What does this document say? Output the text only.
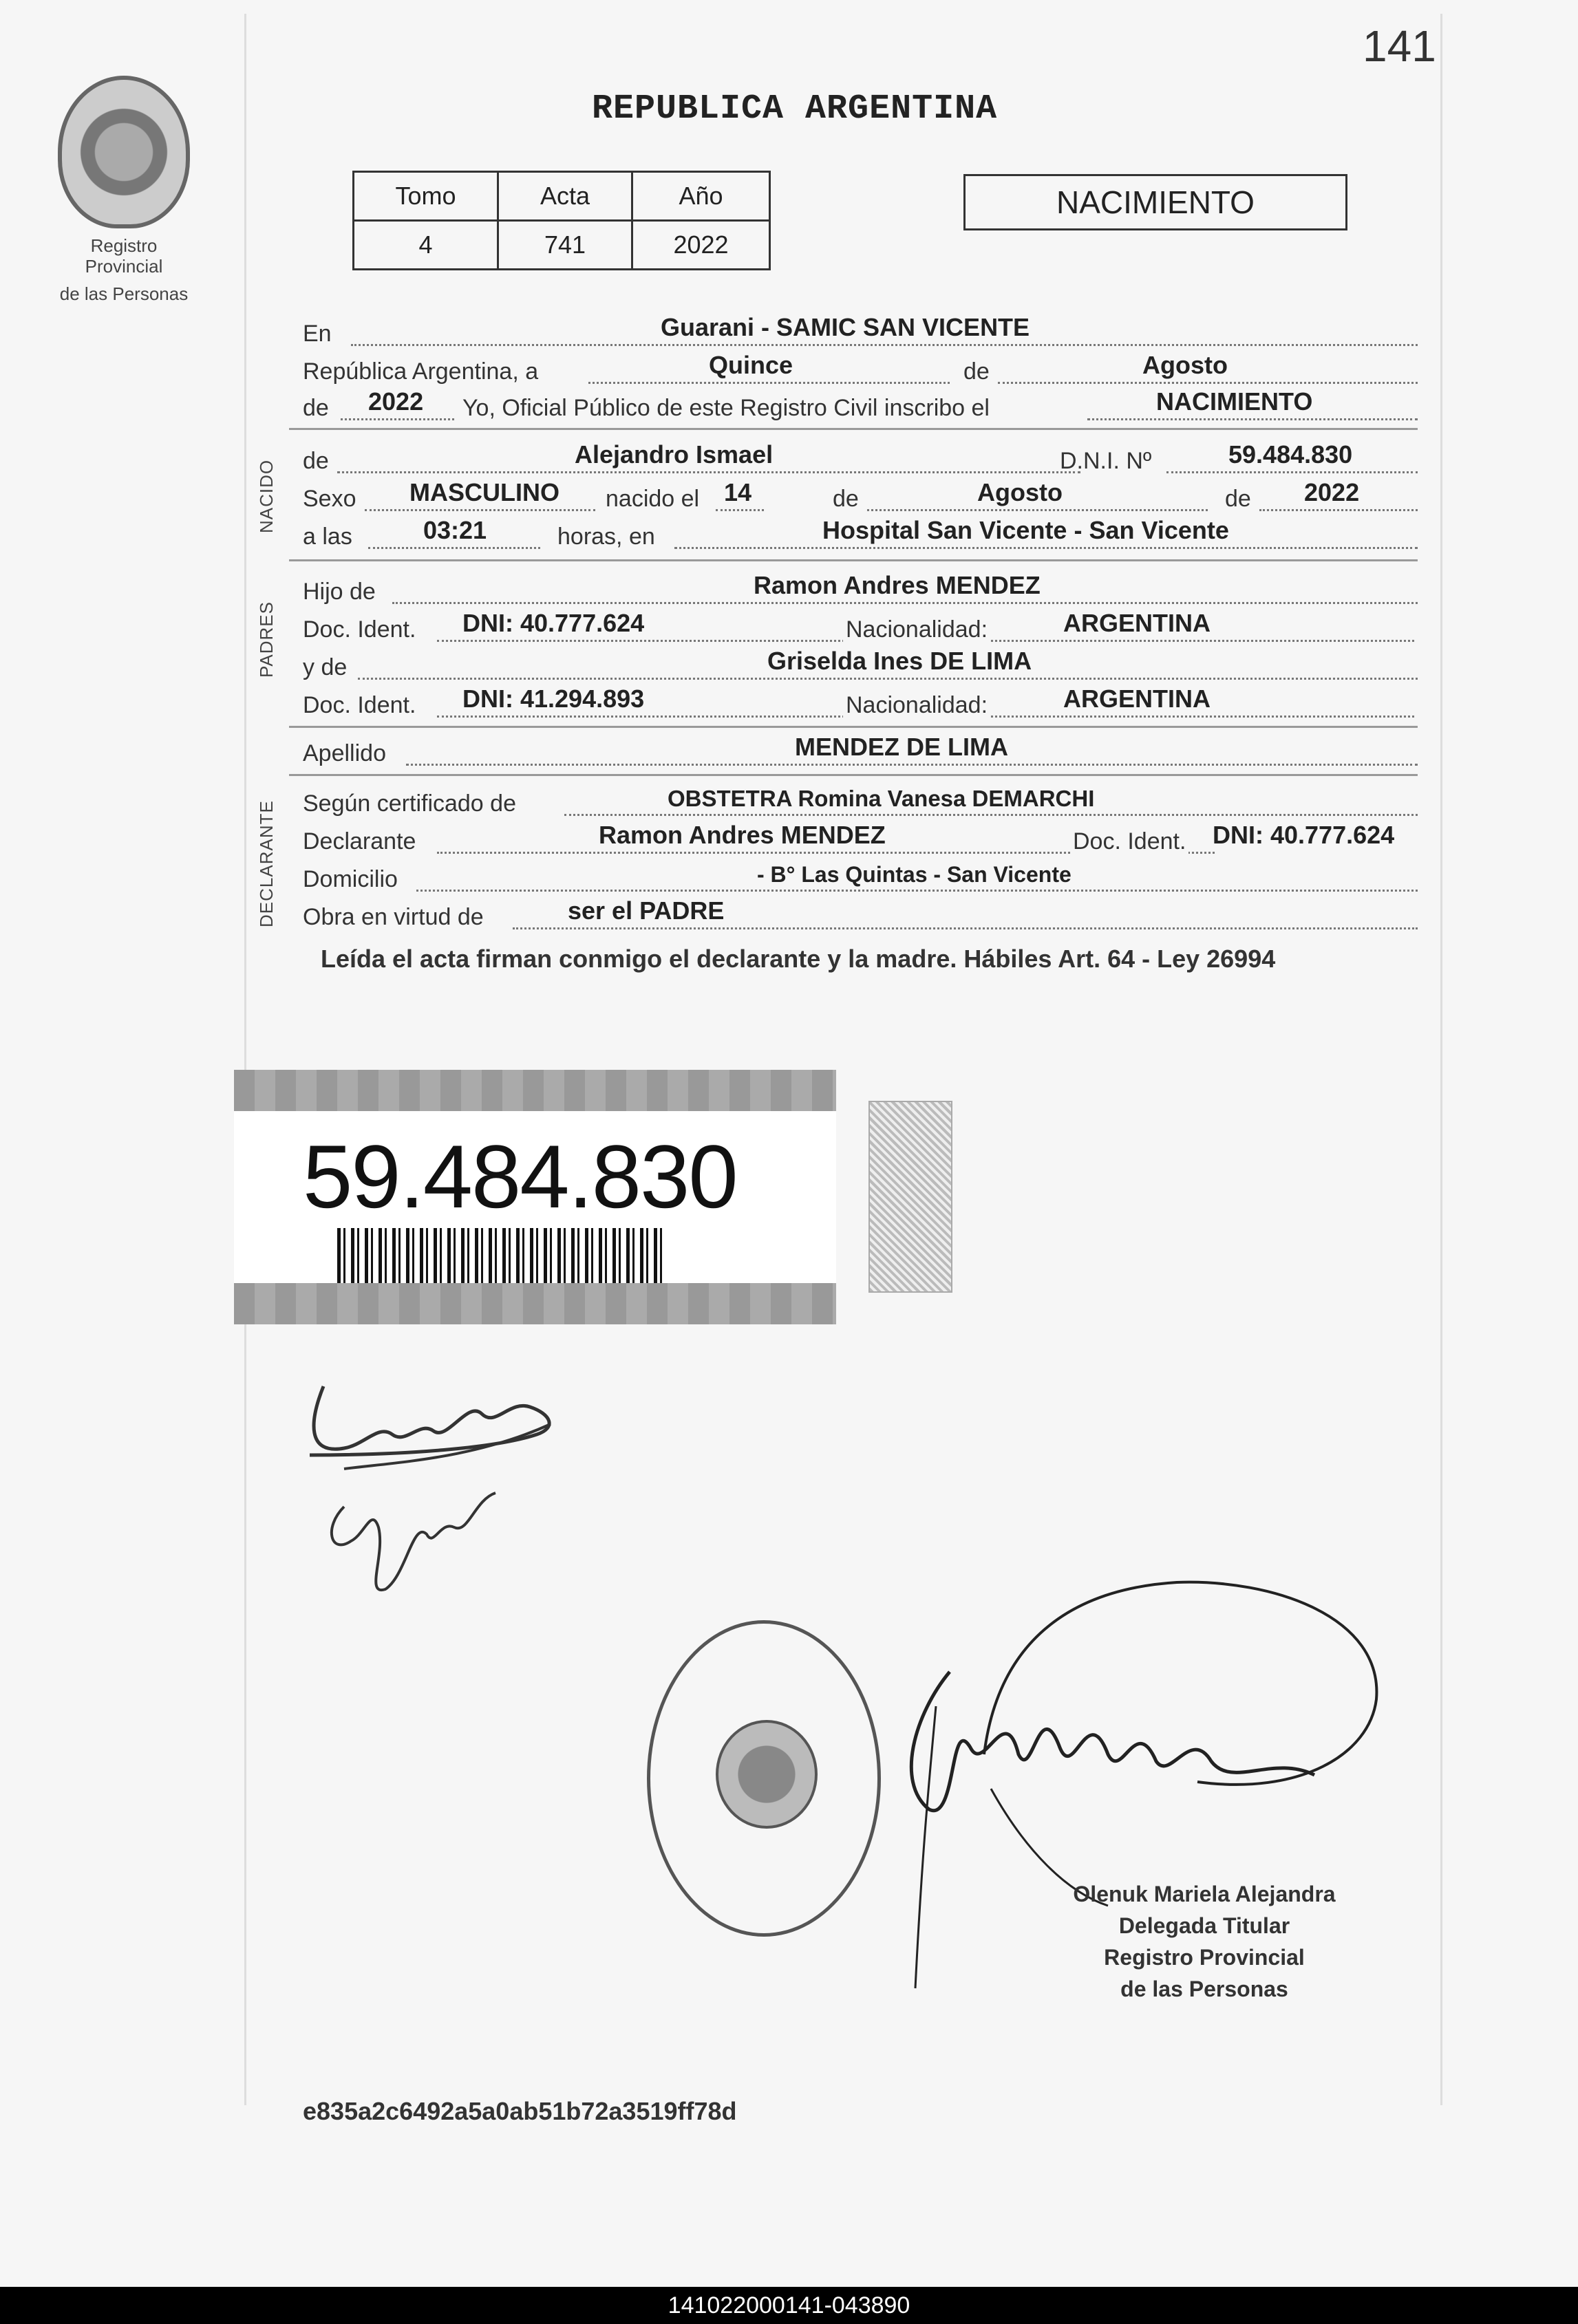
141
Registro Provincial
de las Personas
REPUBLICA ARGENTINA
Tomo	Acta	Año
4	741	2022
NACIMIENTO
En	Guarani - SAMIC SAN VICENTE
República Argentina, a	Quince	de	Agosto
de 2022 Yo, Oficial Público de este Registro Civil inscribo el	NACIMIENTO
NACIDO de	Alejandro Ismael	D.N.I. Nº	59.484.830
Sexo MASCULINO nacido el 14	de	Agosto	de 2022
a las	03:21	horas, en	Hospital San Vicente - San Vicente
PADRES
Hijo de	Ramon Andres MENDEZ
Doc. Ident. DNI: 40.777.624	Nacionalidad:	ARGENTINA
y de	Griselda Ines DE LIMA
Doc. Ident. DNI: 41.294.893	Nacionalidad:	ARGENTINA
Apellido	MENDEZ DE LIMA
DECLARANTE Según certificado de	OBSTETRA Romina Vanesa DEMARCHI
Declarante	Ramon Andres MENDEZ	Doc. Ident. DNI: 40.777.624
Domicilio	- B° Las Quintas - San Vicente
Obra en virtud de	ser el PADRE
Leída el acta firman conmigo el declarante y la madre. Hábiles Art. 64 - Ley 26994
59.484.830
Olenuk Mariela Alejandra
Delegada Titular
Registro Provincial
de las Personas
e835a2c6492a5a0ab51b72a3519ff78d
141022000141-043890
